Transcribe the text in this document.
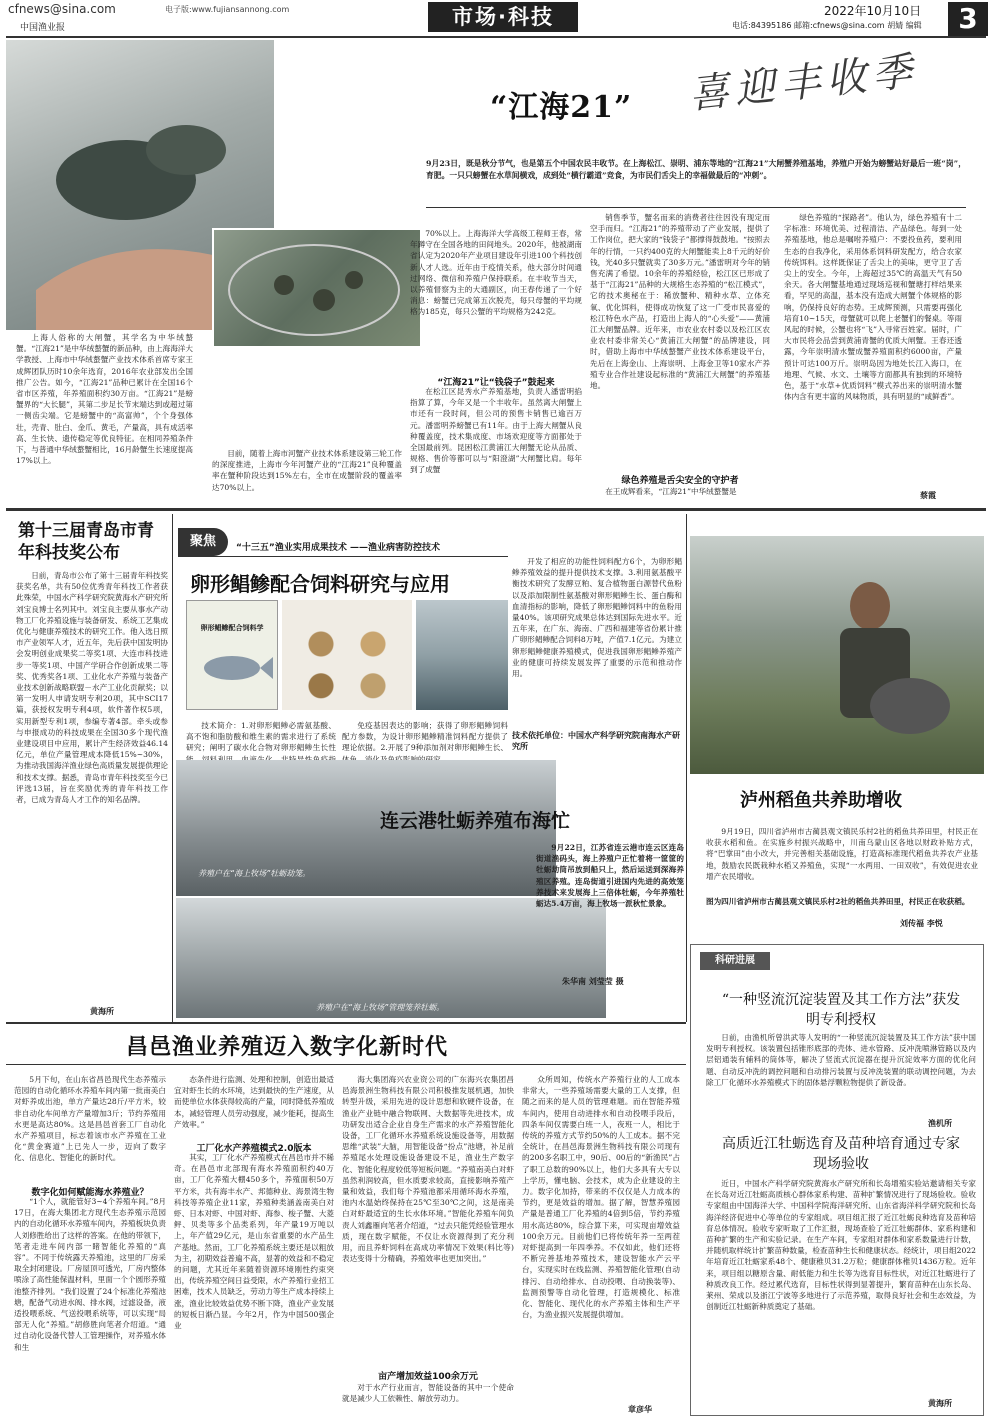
cfnews@sina.com	电子版:www.fujiansannong.com
中国渔业报	市场·科技	2022年10月10日
电话:84395186 邮箱:cfnews@sina.com 胡婧 编辑	3
“江海21” 喜迎丰收季
9月23日，既是秋分节气，也是第五个中国农民丰收节。在上海松江、崇明、浦东等地的“江海21”大闸蟹养殖基地，养殖户开始为螃蟹站好最后一班“岗”，育肥。一只只螃蟹在水草间横戏，成到处“横行霸道”竞食，为市民们舌尖上的幸福做最后的“冲刺”。

上海人俗称的大闸蟹，其学名为中华绒螯蟹。“江海21”是中华绒螯蟹的新品种，由上海海洋大学教授、上海市中华绒螯蟹产业技术体系首席专家王成辉团队历时10余年选育，2016年农业部发出全国推广公告。如今，“江海21”品种已累计在全国16个省市区养殖，年养殖面积约30万亩。“江海21”是螃蟹界的“大长腿”，其第二步足长节末端达到或超过第一侧齿尖端。它是螃蟹中的“高富帅”，个个身强体壮，壳青、肚白、金爪、黄毛，产量高，具有成活率高、生长快、遗传稳定等优良特征。在相同养殖条件下，与普通中华绒螯蟹相比，16月龄蟹生长速度提高17%以上。

目前，随着上海市河蟹产业技术体系建设第三轮工作的深度推进，上海市今年河蟹产业的“江海21”良种覆盖率在蟹种阶段达到15%左右，全市在成蟹阶段的覆盖率达70%以上。

70%以上。上海海洋大学高级工程师王春，常年蹲守在全国各地的田间地头。2020年，他被湖南省认定为2020年产业项目建设年引进100个科技创新人才人选。近年由于疫情关系，他大部分时间通过网络、微信和养殖户保持联系。在丰收节当天，以养殖督察为主的大通副区，向王春传递了一个好消息：螃蟹已完成第五次脱壳，每只母蟹的平均规格为185克，每只公蟹的平均规格为242克。

“江海21”让“钱袋子”鼓起来

在松江区昆秀水产养殖基地，负责人潘雷明掐指算了算，今年又是一个丰收年。虽然离大闸蟹上市还有一段时间，但公司的预售卡销售已逾百万元。潘雷明养螃蟹已有11年。由于上海大闸蟹从良种覆盖度，技术集成度、市场欢迎度等方面都处于全国最前列。昆困松江黄浦江大闸蟹无论从品质、规格、售价等都可以与“阳澄湖”大闸蟹比肩。每年到了成蟹

销售季节，蟹名而来的消费者往往因没有现定而空手而归。“江海21”的养殖带动了产业发展，提供了工作岗位，把大家的“钱袋子”都撑得鼓鼓地。“按照去年的行情，一只约400克的大闸蟹能卖上8千元的好价钱，光40多只蟹就卖了30多万元。”潘雷明对今年的销售充满了希望。10余年的养殖经验，松江区已形成了基于“江海21”品种的大规格生态养殖的“松江模式”，它的技术奥秘在于：稀放蟹种、精种水草、立体充氧、优化饵料，使得成功恢复了这一广受市民喜爱的松江特色水产品，打造出上海人的“心头爱”——黄浦江大闸蟹品牌。近年来，市农业农村委以及松江区农业农村委非常关心“黄浦江大闸蟹”的品牌建设，同时，借助上海市中华绒螯蟹产业技术体系建设平台，先后在上海金山、上海崇明、上海金卫等10家水产养殖专业合作社建设起标准的“黄浦江大闸蟹”的养殖基地。

绿色养殖是舌尖安全的守护者

在王成辉看来，“江海21”中华绒螯蟹是

绿色养殖的“探路者”。他认为，绿色养殖有十二字标准：环境优美、过程清洁、产品绿色。每到一处养殖基地，他总是嘱咐养殖户：不要投鱼药，要利用生态的自我净化，采用体系饲料研发配方，给合农家传统饵料。这样既保证了舌尖上的美味，更守卫了舌尖上的安全。今年，上海超过35℃的高温天气有50余天。各大闸蟹基地通过现场巡视和蟹塘打样结果来看，罕见的高温，基本没有造成大闸蟹个体规格的影响，仍保持良好的态势。王成辉预测，只需要再强化培育10~15天，母蟹就可以爬上老蟹们的餐桌。等雨风起的时候，公蟹也将“飞”入寻常百姓家。届时，广大市民将会品尝到黄浦青蟹的优质大闸蟹。王春还透露，今年崇明清水蟹成蟹养殖面积约6000亩，产量预计可达100万斤。崇明岛因为地处长江入海口，在地理、气候、水文、土壤等方面都具有独到的环境特色，基于“水草+优质饲料”模式养出来的崇明清水蟹体内含有更丰富的风味物质，具有明显的“咸鲜香”。

蔡霞
第十三届青岛市青年科技奖公布

日前，青岛市公布了第十三届青年科技奖获奖名单，共有50位优秀青年科技工作者获此殊荣，中国水产科学研究院黄海水产研究所刘宝良博士名列其中。刘宝良主要从事水产动物工厂化养殖设施与装备研发、系统工艺集成优化与健康养殖技术的研究工作。他入选日照市产业领军人才，近五年，先后获中国发明协会发明创业成果奖二等奖1项、大连市科技进步一等奖1项、中国产学研合作创新成果二等奖、优秀奖各1项、工业化水产养殖与装备产业技术创新战略联盟－水产工业化贡献奖；以第一发明人申请发明专利20项，其中SCI17篇，获授权发明专利4项，软件著作权5项，实用新型专利1项，参编专著4部。牵头或参与申报成功的科技成果在全国30多个现代渔业建设项目中应用，累计产生经济效益46.14亿元，单位产量管理成本降低15%~30%，为推动我国海洋渔业绿色高质量发展提供理论和技术支撑。据悉，青岛市青年科技奖至今已评选13届，旨在奖励优秀的青年科技工作者，已成为青岛人才工作的知名品牌。

黄海所
聚焦	“十三五”渔业实用成果技术 ——渔业病害防控技术
卵形鲳鲹配合饲料研究与应用
卵形鲳鲹配合饲料学

技术简介：1.对卵形鲳鲹必需氨基酸、高不饱和脂肪酸和维生素的需求进行了系统研究；阐明了碳水化合物对卵形鲳鲹生长性

免疫基因表达的影响；获得了卵形鲳鲹饲料配方参数，为设计卵形鲳鲹精准饲料配方提供了理论依据。2.开展了9种添加剂对卵形鲳鲹生长、

开发了相应的功能性饲料配方6个，为卵形鲳鲹养殖效益的提升提供技术支撑。3.利用氨基酸平衡技术研究了发酵豆粕、复合植物蛋白源替代鱼粉以及添加限制性氨基酸对卵形鲳鲹生长、蛋白酶和血清指标的影响，降低了卵形鲳鲹饲料中的鱼粉用量40%。该项研究成果总体达到国际先进水平。近五年来，在广东、海南、广西和福建等省份累计推广卵形鲳鲹配合饲料8万吨，产值7.1亿元。为建立卵形鲳鲹健康养殖模式，促进我国卵形鲳鲹养殖产业的健康可持续发展发挥了重要的示范和推动作用。

技术依托单位：中国水产科学研究院南海水产研究所
养殖户在“海上牧场”牡蛎劫笼。
连云港牡蛎养殖布海忙
养殖户在“海上牧场”管理笼养牡蛎。

9月22日，江苏省连云港市连云区连岛街道渔码头，海上养殖户正忙着将一筐筐的牡蛎劫筒吊放到船只上，然后运送到深海养殖区养殖。连岛街道引进国内先进的高效笼养技术来发展海上三倍体牡蛎，今年养殖牡蛎达5.4万亩，海上牧场一派秋忙景象。

朱华南 刘莹莹 摄
泸州稻鱼共养助增收

9月19日，四川省泸州市古蔺县观文镇民乐村2社的稻鱼共养田里，村民正在收获水稻和鱼。在实施乡村振兴战略中，川南乌蒙山区各地以财政补贴方式，将“巴掌田”由小改大，并完善相关基础设施，打造高标准现代稻鱼共养农产业基地，鼓励农民既栽种水稻又养殖鱼，实现“一水两用、一田双收”，有效促进农业增产农民增收。

图为四川省泸州市古蔺县观文镇民乐村2社的稻鱼共养田里，村民正在收获稻。
刘传福 李悦
科研进展
“一种竖流沉淀装置及其工作方法”获发明专利授权

日前，由渔机所曾洪武等人发明的“一种竖流沉淀装置及其工作方法”获中国发明专利授权。该装置包括锥形底部的壳体、进水管路、反冲洗喷淋管路以及内层铝通装有辅料的筒体等，解决了竖流式沉淀器在提升沉淀效率方面的优化问题、自动反冲洗的调控问题和自动排污装置与反冲洗装置的联动调控问题，为去除工厂化循环水养殖模式下的固体悬浮颗粒物提供了新设备。

渔机所
高质近江牡蛎选育及苗种培育通过专家现场验收

近日，中国水产科学研究院黄海水产研究所和长岛增殖实验站邀请相关专家在长岛对近江牡蛎高质核心群体家系构建、苗种扩繁情况进行了现场验收。验收专家组由中国海洋大学、中国科学院海洋研究所、山东省海洋科学研究院和长岛海洋经济促进中心等单位的专家组成。项目组汇报了近江牡蛎良种选育及苗种培育总体情况。验收专家听取了工作汇报，现场查验了近江牡蛎群体、家系构建和苗种扩繁的生产和实验记录。在生产车间，专家组对群体和家系数量进行计数，并随机取样统计扩繁苗种数量，检查苗种生长和健康状态。经统计，项目组2022年培育近江牡蛎家系48个、健康稚贝31.2万粒；健康群体稚贝1436万粒。近年来，项目组以糖原含量、耐低能力和生长等为选育目标性状，对近江牡蛎进行了种质改良工作。经过累代选育，目标性状得到显著提升，繁育苗种在山东长岛、莱州、荣成以及浙江宁波等多地进行了示范养殖，取得良好社会和生态效益，为创制近江牡蛎新种质奠定了基础。

黄海所
昌邑渔业养殖迈入数字化新时代

5月下旬，在山东省昌邑现代生态养殖示范园的自动化循环水养殖车间内第一批南美白对虾养成出池，单方产量达28斤/平方米，较非自动化车间单方产量增加3斤；节约养殖用水更是高达80%。这是昌邑首套工厂自动化水产养殖项目，标志着该市水产养殖在工业化“黄金赛道”上已先人一步，迈向了数字化、信息化、智能化的新时代。

数字化如何赋能海水养殖业？

“1个人，就能管好3~4个养殖车间。”8月17日，在海大集团北方现代生态养殖示范园内的自动化循环水养殖车间内，养殖板块负责人刘修胜给出了这样的答案。在他的带领下，笔者走进车间内部一睹智能化养殖的“真容”。不同于传统露天养殖池，这里的厂房采取全封闭建设。厂房屋顶可透光，厂房内整体喷涂了高性能保温材料，里面一个个圆形养殖池整齐排列。“我们设置了24个标准化养殖池塘，配备气动进水阀、排水阀，过滤设备，液适投喂系统、气送投喂系统等，可以实现“局部无人化”养殖。”胡修胜向笔者介绍道。“通过自动化设备代替人工管理操作，对养殖水体和生

态条件进行监测、处理和控制，创造出最适宜对虾生长的水环境，达到最快的生产速度，从而使单位水体获得较高的产量，同时降低养殖成本，减轻管理人员劳动强度，减少能耗，提高生产效率。”

工厂化水产养殖模式2.0版本

其实，工厂化水产养殖模式在昌邑市并不稀奇。在昌邑市北部现有海水养殖面积约40万亩，工厂化养殖大棚450多个，养殖面积50万平方米，共有海丰水产、邦德种业、海景湾生物科技等养殖企业11家，养殖种类涵盖南美白对虾、日本对虾、中国对虾、海参、梭子蟹、大菱鲆、贝类等多个品类系列，年产量19万吨以上，年产值29亿元，是山东省重要的水产品生产基地。然而，工厂化养殖系统主要还是以粗放为主，初期效益普遍不高，显著的效益和不稳定的问题，尤其近年来随着资源环境刚性约束突出，传统养殖空间日益受限，水产养殖行业招工困难，技术人员缺乏，劳动力等生产成本持续上涨，渔业比较效益优势不断下降，渔业产业发展的短板日渐凸显。今年2月，作为中国500强企业

海大集团海兴农业资公司的广东海兴农集团昌邑海景洲生物科技有限公司积极推发展机遇，加快转型升级，采用先进的设计思想和软硬件设备，在渔业产业链中融合物联网、大数据等先进技术，成功研发出适合企业自身生产需求的水产养殖智能化设备，工厂化循环水养殖系统设施设备等，用数据思维“武装”大脑，用智能设备“扮点”池塘，补足前养殖尾水处理设施设备建设不足，渔业生产数字化、智能化程度较低等短板问题。“养殖南美白对虾虽然利润较高，但水质要求较高，直接影响养殖产量和效益，我们每个养殖池都采用循环海水养殖，池内水温始终保持在25℃至30℃之间，这是南美白对虾最适宜的生长水体环境。”智能化养殖车间负责人刘鑫雁向笔者介绍道，“过去只能凭经验管理水质，现在数字赋能，不仅让水资源得到了充分利用，而且养虾饲料在高成功率情况下效果(料比等)表达变得十分精确，养殖效率也更加突出。”

亩产增加效益100余万元

对于水产行业而言，智能设备的其中一个使命就是减少人工依赖性、解放劳动力。

众所周知，传统水产养殖行业的人工成本非常大，一些养殖场需要大量的工人支撑，但随之而来的是人员的管理难题。而在智能养殖车间内，使用自动进排水和自动投喂手段后，四条车间仅需要白班一人，夜班一人，相比于传统的养殖方式节约50%的人工成本。据不完全统计，在昌邑海景洲生物科技有限公司现有的200多名职工中，90后、00后的“新渔民”占了职工总数的90%以上，他们大多具有大专以上学历，懂电脑、会技术，成为企业建设的主力。数字化加持，带来的不仅仅是人力成本的节约，更是效益的增加。据了解，智慧养殖园产量是普通工厂化养殖的4倍到5倍，节约养殖用水高达80%，综合算下来，可实现亩增效益100余万元。目前他们已将传统年养一至两茬对虾提高到一年四季养。不仅如此，他们还将不断完善基地养殖技术，建设智能水产云平台，实现实时在线监测、养殖智能化管理(自动排污、自动给排水、自动投喂、自动换装等)、监测预警等自动化管理，打造规模化、标准化、智能化、现代化的水产养殖主体和生产平台，为渔业振兴发展提供增加。

章彦华
